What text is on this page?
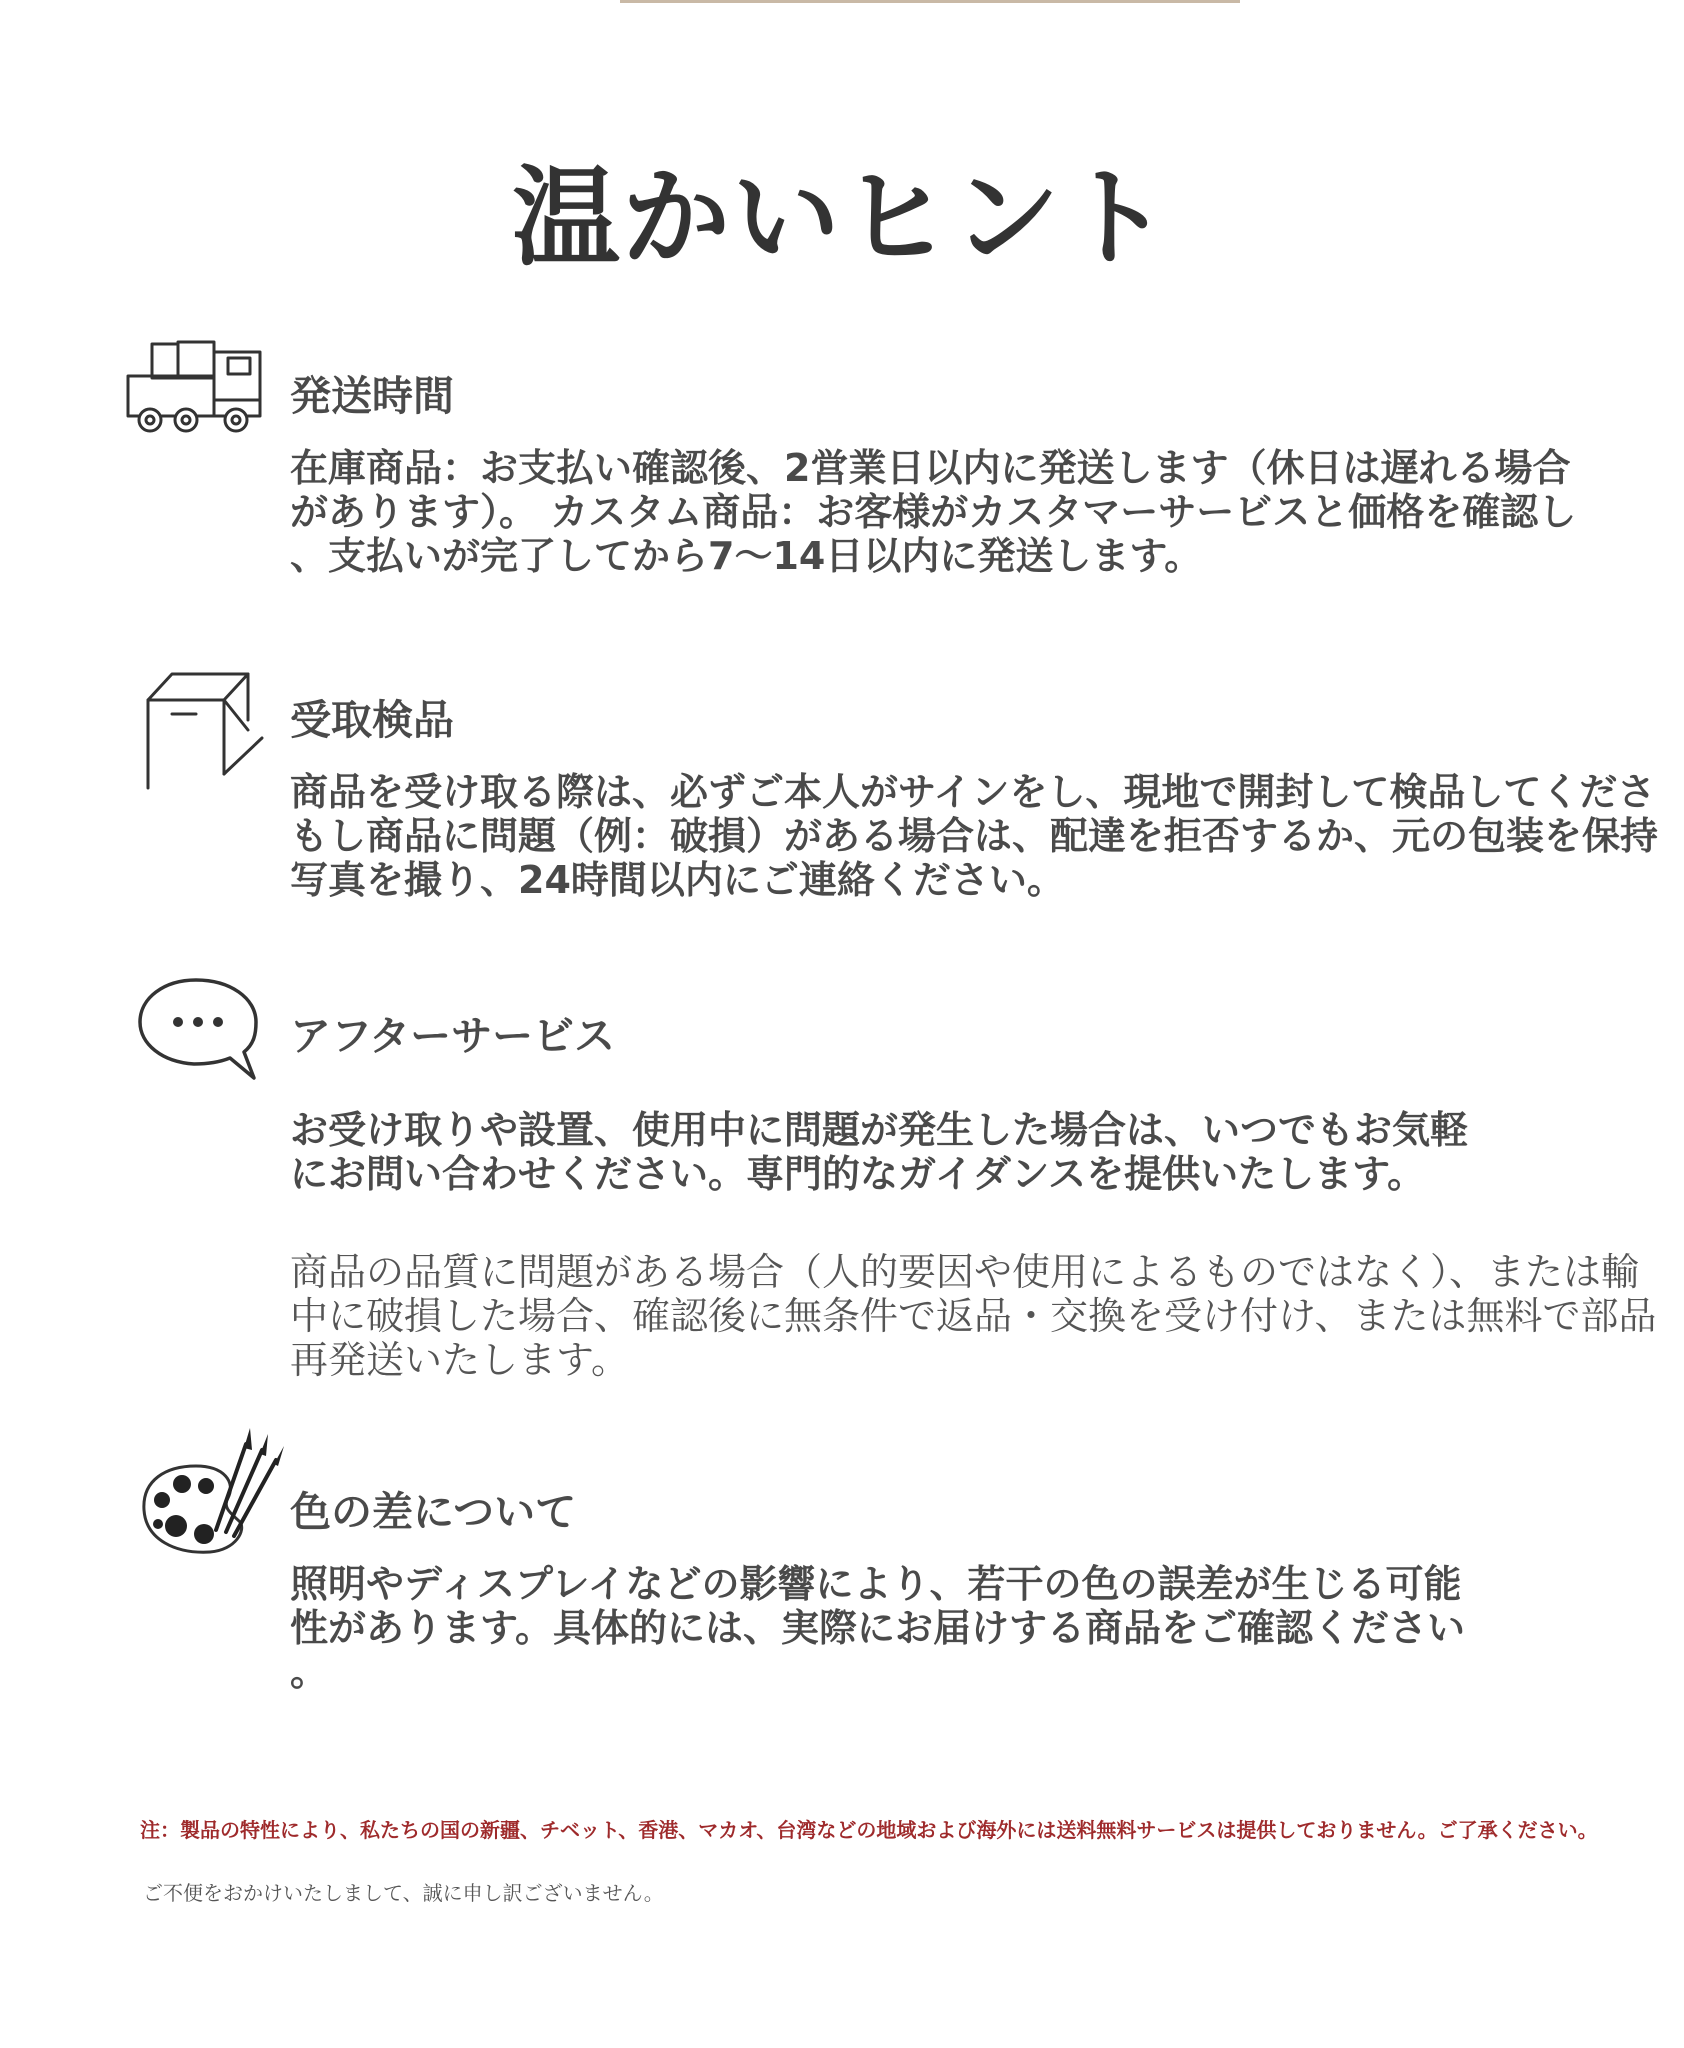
温かいヒント
発送時間
在庫商品：お支払い確認後、2営業日以内に発送します（休日は遅れる場合
があります）。 カスタム商品：お客様がカスタマーサービスと価格を確認し
、支払いが完了してから7〜14日以内に発送します。
受取検品
商品を受け取る際は、必ずご本人がサインをし、現地で開封して検品してくださ
もし商品に問題（例：破損）がある場合は、配達を拒否するか、元の包装を保持
写真を撮り、24時間以内にご連絡ください。
アフターサービス
お受け取りや設置、使用中に問題が発生した場合は、いつでもお気軽
にお問い合わせください。専門的なガイダンスを提供いたします。
商品の品質に問題がある場合（人的要因や使用によるものではなく）、または輸
中に破損した場合、確認後に無条件で返品・交換を受け付け、または無料で部品
再発送いたします。
色の差について
照明やディスプレイなどの影響により、若干の色の誤差が生じる可能
性があります。具体的には、実際にお届けする商品をご確認ください
。

注：製品の特性により、私たちの国の新疆、チベット、香港、マカオ、台湾などの地域および海外には送料無料サービスは提供しておりません。ご了承ください。

ご不便をおかけいたしまして、誠に申し訳ございません。
